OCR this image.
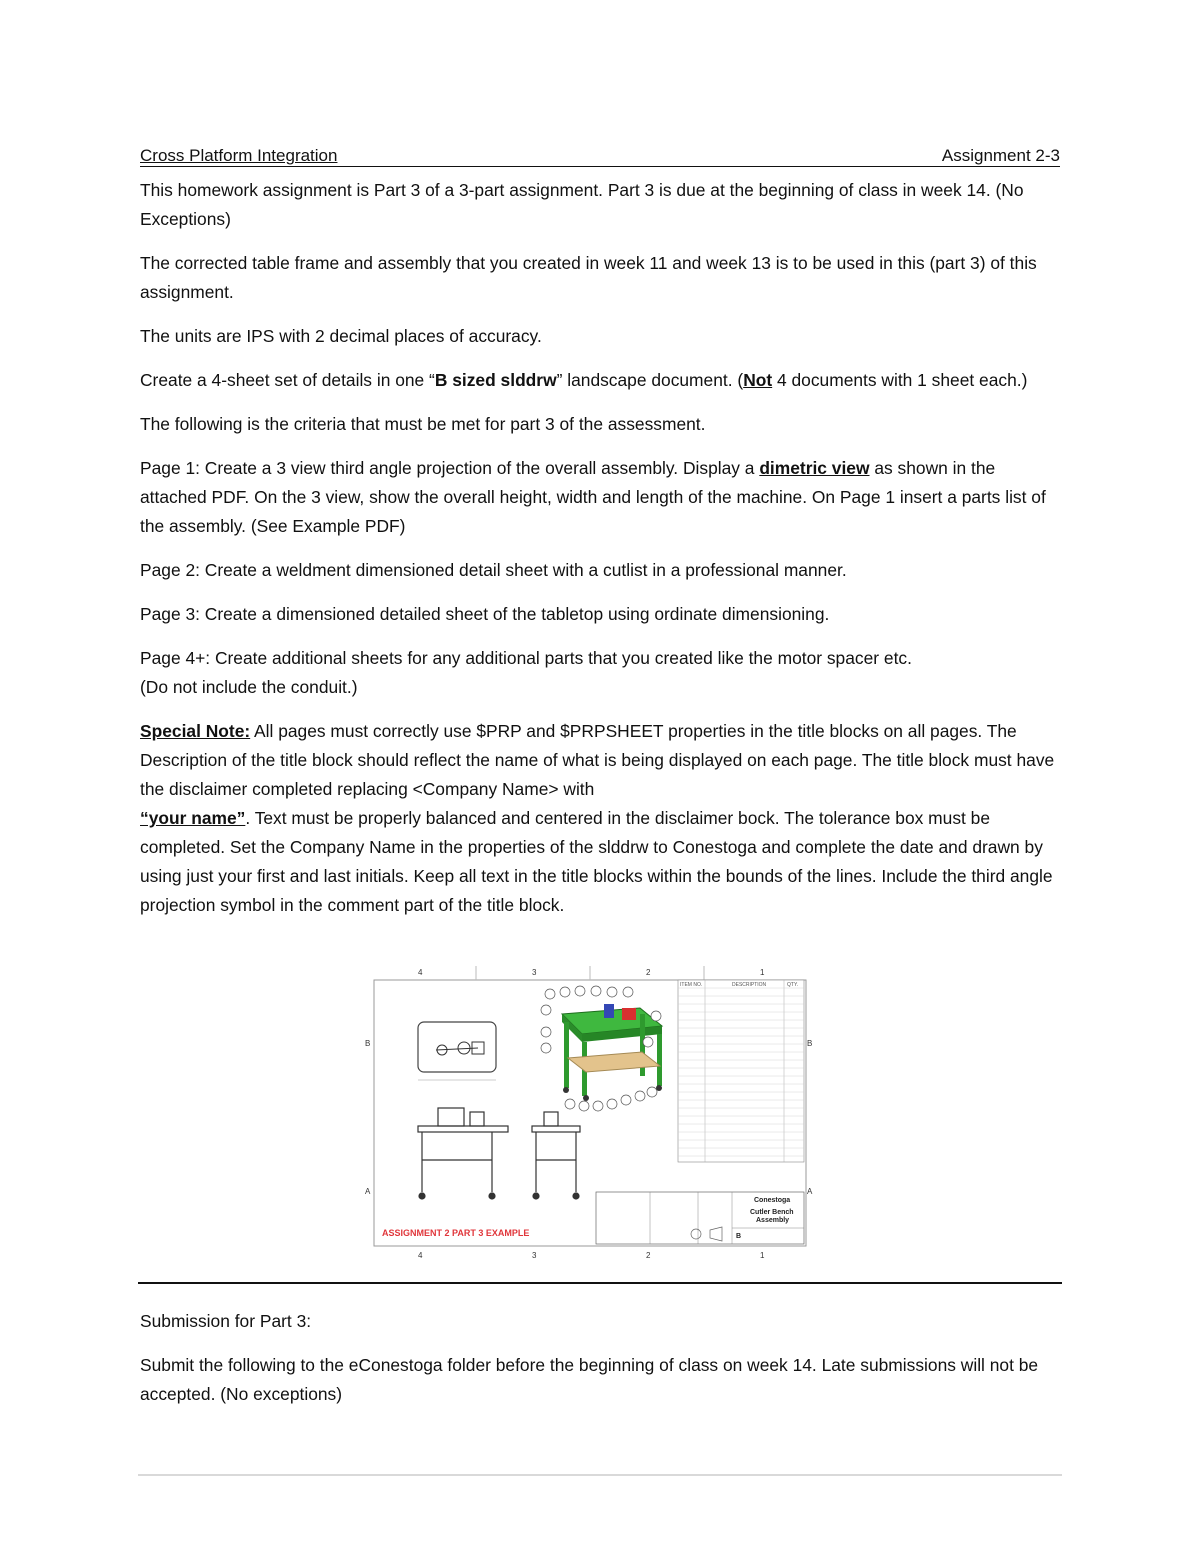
Cross Platform Integration	Assignment 2-3

This homework assignment is Part 3 of a 3-part assignment. Part 3 is due at the beginning of class in week 14. (No Exceptions)

The corrected table frame and assembly that you created in week 11 and week 13 is to be used in this (part 3) of this assignment.

The units are IPS with 2 decimal places of accuracy.

Create a 4-sheet set of details in one “B sized slddrw” landscape document. (Not 4 documents with 1 sheet each.)

The following is the criteria that must be met for part 3 of the assessment.

Page 1: Create a 3 view third angle projection of the overall assembly. Display a dimetric view as shown in the attached PDF. On the 3 view, show the overall height, width and length of the machine. On Page 1 insert a parts list of the assembly. (See Example PDF)

Page 2: Create a weldment dimensioned detail sheet with a cutlist in a professional manner.

Page 3: Create a dimensioned detailed sheet of the tabletop using ordinate dimensioning.

Page 4+: Create additional sheets for any additional parts that you created like the motor spacer etc.
(Do not include the conduit.)

Special Note: All pages must correctly use $PRP and $PRPSHEET properties in the title blocks on all pages. The Description of the title block should reflect the name of what is being displayed on each page. The title block must have the disclaimer completed replacing <Company Name> with
“your name”. Text must be properly balanced and centered in the disclaimer bock. The tolerance box must be completed. Set the Company Name in the properties of the slddrw to Conestoga and complete the date and drawn by using just your first and last initials. Keep all text in the title blocks within the bounds of the lines. Include the third angle projection symbol in the comment part of the title block.

4	3	2	1
4	3	2	1
B
A
B
A
ITEM NO.	DESCRIPTION	QTY.
Conestoga
Cutler Bench
Assembly
B
ASSIGNMENT 2 PART 3 EXAMPLE

Submission for Part 3:

Submit the following to the eConestoga folder before the beginning of class on week 14. Late submissions will not be accepted. (No exceptions)
